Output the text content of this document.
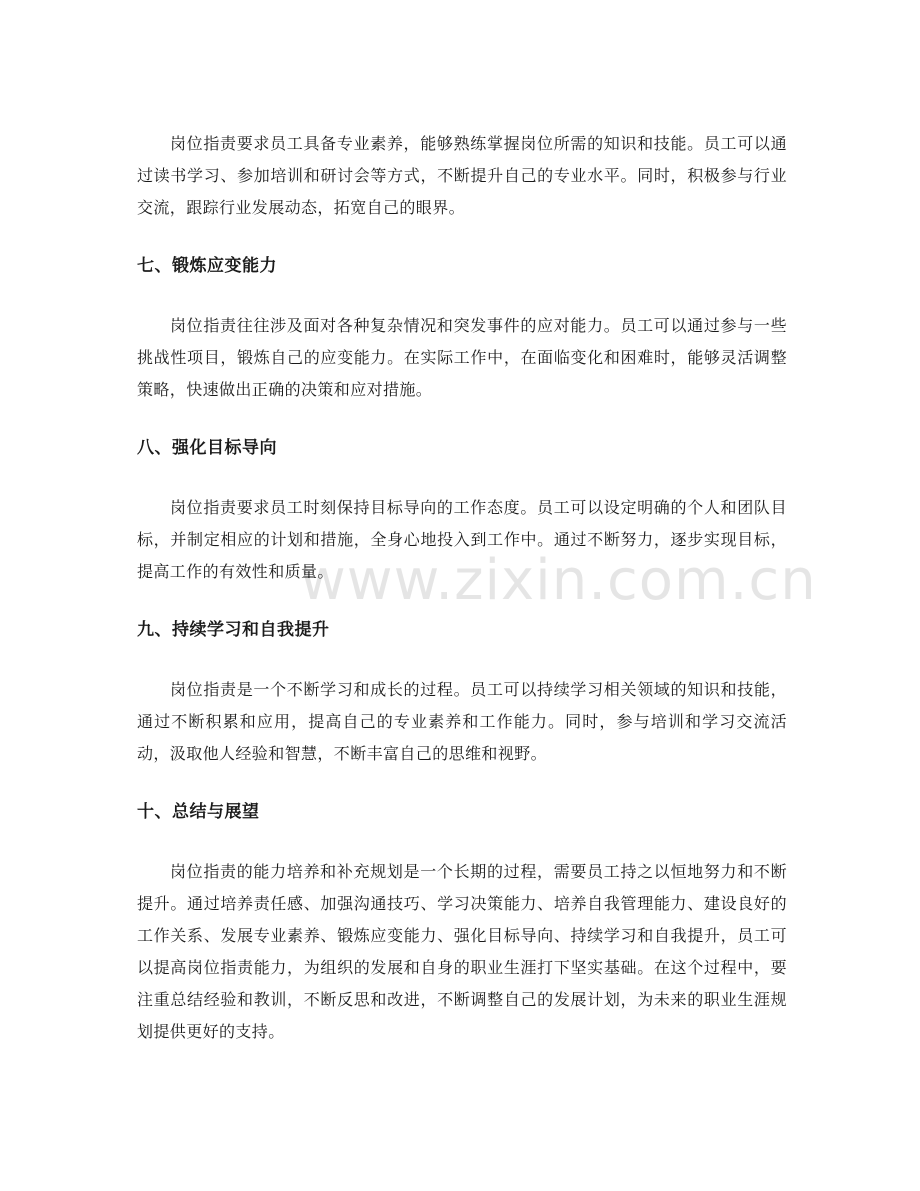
岗位指责要求员工具备专业素养，能够熟练掌握岗位所需的知识和技能。员工可以通过读书学习、参加培训和研讨会等方式，不断提升自己的专业水平。同时，积极参与行业交流，跟踪行业发展动态，拓宽自己的眼界。

七、锻炼应变能力

岗位指责往往涉及面对各种复杂情况和突发事件的应对能力。员工可以通过参与一些挑战性项目，锻炼自己的应变能力。在实际工作中，在面临变化和困难时，能够灵活调整策略，快速做出正确的决策和应对措施。

八、强化目标导向

岗位指责要求员工时刻保持目标导向的工作态度。员工可以设定明确的个人和团队目标，并制定相应的计划和措施，全身心地投入到工作中。通过不断努力，逐步实现目标，提高工作的有效性和质量。

九、持续学习和自我提升

岗位指责是一个不断学习和成长的过程。员工可以持续学习相关领域的知识和技能，通过不断积累和应用，提高自己的专业素养和工作能力。同时，参与培训和学习交流活动，汲取他人经验和智慧，不断丰富自己的思维和视野。

十、总结与展望

岗位指责的能力培养和补充规划是一个长期的过程，需要员工持之以恒地努力和不断提升。通过培养责任感、加强沟通技巧、学习决策能力、培养自我管理能力、建设良好的工作关系、发展专业素养、锻炼应变能力、强化目标导向、持续学习和自我提升，员工可以提高岗位指责能力，为组织的发展和自身的职业生涯打下坚实基础。在这个过程中，要注重总结经验和教训，不断反思和改进，不断调整自己的发展计划，为未来的职业生涯规划提供更好的支持。

www.zixin.com.cn
